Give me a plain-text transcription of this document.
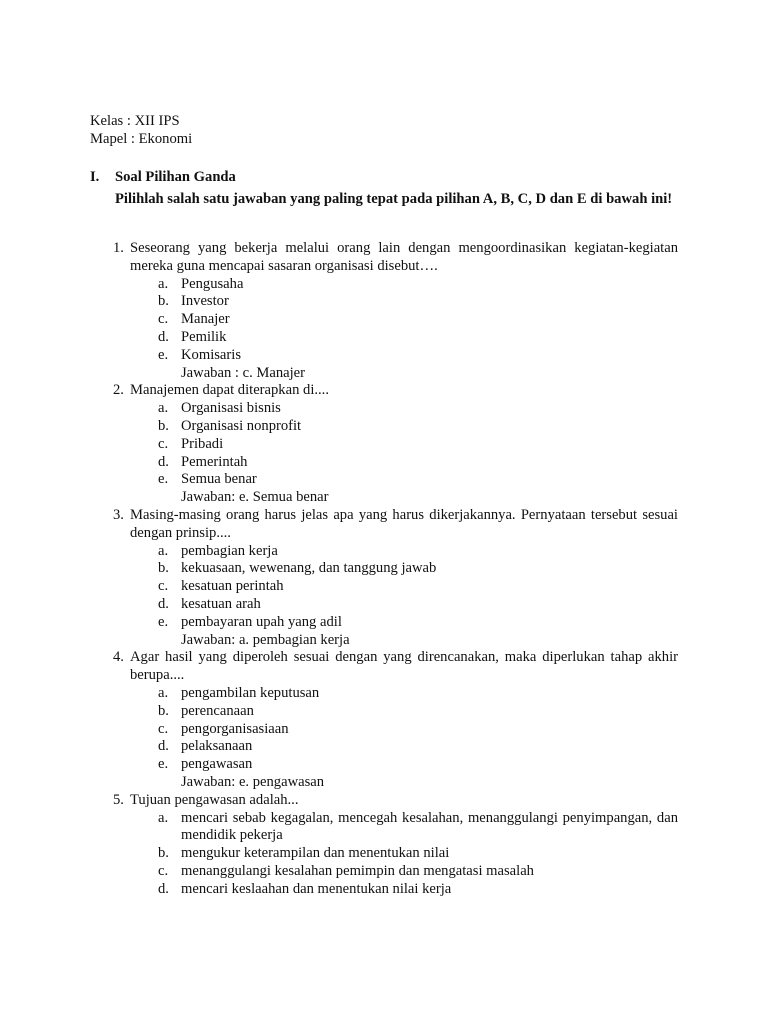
Kelas : XII IPS
Mapel : Ekonomi
I. Soal Pilihan Ganda
Pilihlah salah satu jawaban yang paling tepat pada pilihan A, B, C, D dan E di bawah ini!
1. Seseorang yang bekerja melalui orang lain dengan mengoordinasikan kegiatan-kegiatan mereka guna mencapai sasaran organisasi disebut….
a. Pengusaha
b. Investor
c. Manajer
d. Pemilik
e. Komisaris
Jawaban : c. Manajer
2. Manajemen dapat diterapkan di....
a. Organisasi bisnis
b. Organisasi nonprofit
c. Pribadi
d. Pemerintah
e. Semua benar
Jawaban: e. Semua benar
3. Masing-masing orang harus jelas apa yang harus dikerjakannya. Pernyataan tersebut sesuai dengan prinsip....
a. pembagian kerja
b. kekuasaan, wewenang, dan tanggung jawab
c. kesatuan perintah
d. kesatuan arah
e. pembayaran upah yang adil
Jawaban: a. pembagian kerja
4. Agar hasil yang diperoleh sesuai dengan yang direncanakan, maka diperlukan tahap akhir berupa....
a. pengambilan keputusan
b. perencanaan
c. pengorganisasiaan
d. pelaksanaan
e. pengawasan
Jawaban: e. pengawasan
5. Tujuan pengawasan adalah...
a. mencari sebab kegagalan, mencegah kesalahan, menanggulangi penyimpangan, dan mendidik pekerja
b. mengukur keterampilan dan menentukan nilai
c. menanggulangi kesalahan pemimpin dan mengatasi masalah
d. mencari keslaahan dan menentukan nilai kerja
